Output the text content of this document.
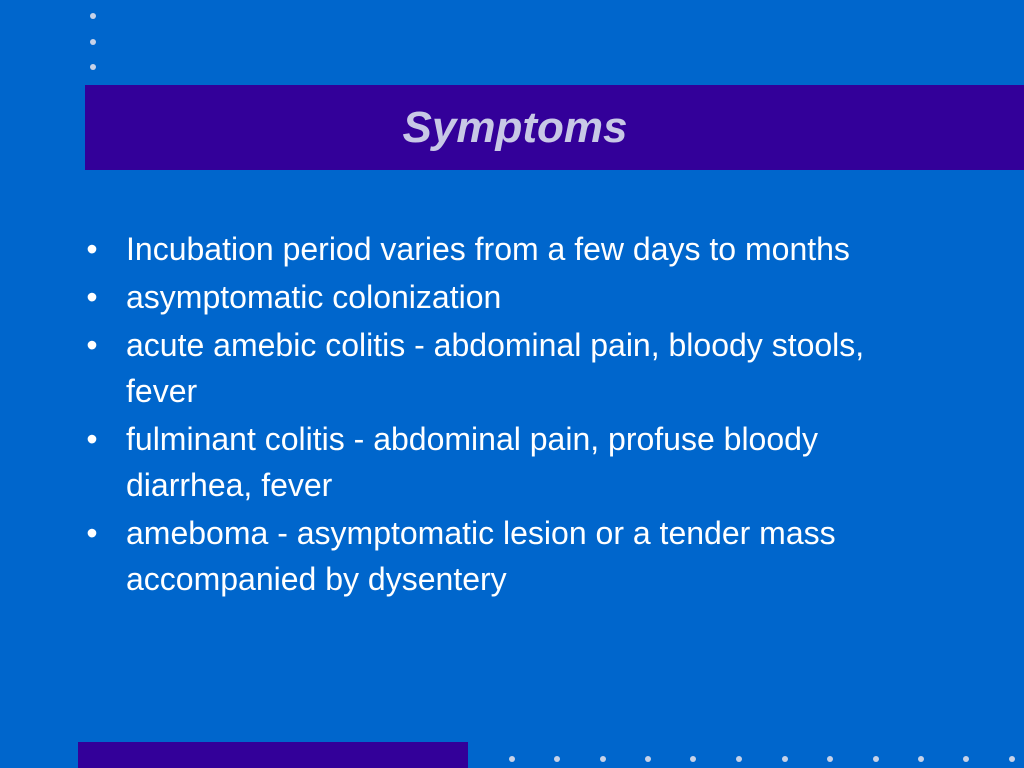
Symptoms
• Incubation period varies from a few days to months
• asymptomatic colonization
• acute amebic colitis - abdominal pain, bloody stools, fever
• fulminant colitis - abdominal pain, profuse bloody diarrhea, fever
• ameboma - asymptomatic lesion or a tender mass accompanied by dysentery
